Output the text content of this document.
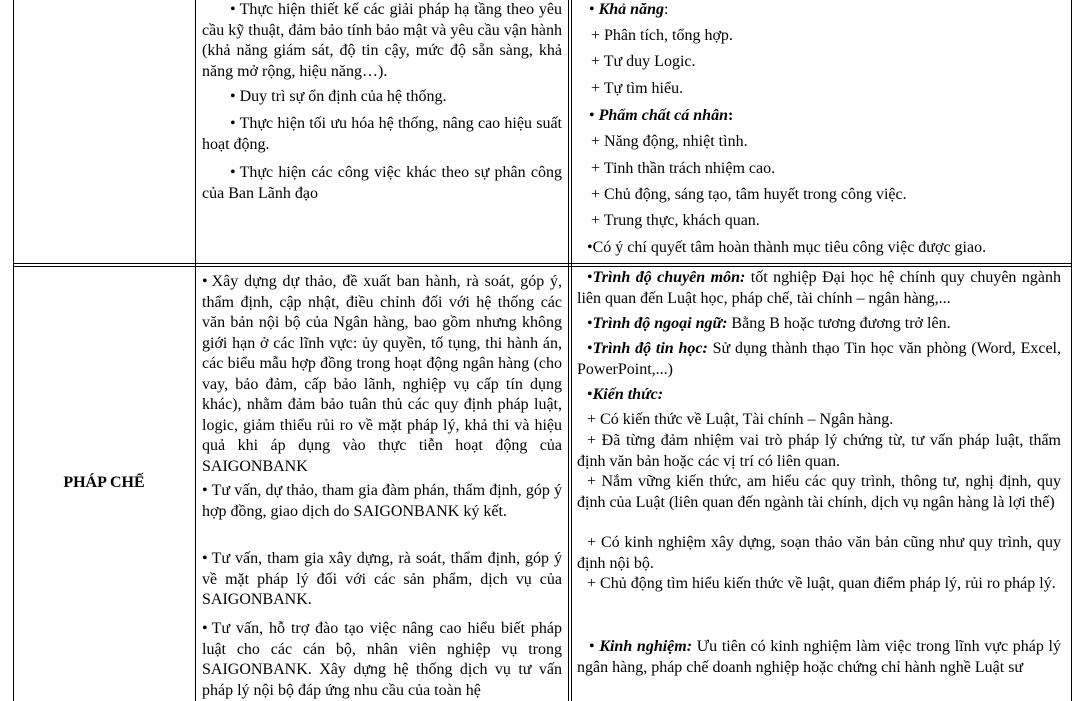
• Thực hiện thiết kế các giải pháp hạ tầng theo yêu cầu kỹ thuật, đảm bảo tính bảo mật và yêu cầu vận hành (khả năng giám sát, độ tin cậy, mức độ sẵn sàng, khả năng mở rộng, hiệu năng…).
• Duy trì sự ổn định của hệ thống.
• Thực hiện tối ưu hóa hệ thống, nâng cao hiệu suất hoạt động.
• Thực hiện các công việc khác theo sự phân công của Ban Lãnh đạo
• Khả năng:
+ Phân tích, tổng hợp.
+ Tư duy Logic.
+ Tự tìm hiểu.
• Phẩm chất cá nhân:
+ Năng động, nhiệt tình.
+ Tinh thần trách nhiệm cao.
+ Chủ động, sáng tạo, tâm huyết trong công việc.
+ Trung thực, khách quan.
•Có ý chí quyết tâm hoàn thành mục tiêu công việc được giao.
PHÁP CHẾ
• Xây dựng dự thảo, đề xuất ban hành, rà soát, góp ý, thẩm định, cập nhật, điều chỉnh đối với hệ thống các văn bản nội bộ của Ngân hàng, bao gồm nhưng không giới hạn ở các lĩnh vực: ủy quyền, tố tụng, thi hành án, các biểu mẫu hợp đồng trong hoạt động ngân hàng (cho vay, bảo đảm, cấp bảo lãnh, nghiệp vụ cấp tín dụng khác), nhằm đảm bảo tuân thủ các quy định pháp luật, logic, giảm thiểu rủi ro về mặt pháp lý, khả thi và hiệu quả khi áp dụng vào thực tiễn hoạt động của SAIGONBANK
• Tư vấn, dự thảo, tham gia đàm phán, thẩm định, góp ý hợp đồng, giao dịch do SAIGONBANK ký kết.
• Tư vấn, tham gia xây dựng, rà soát, thẩm định, góp ý về mặt pháp lý đối với các sản phẩm, dịch vụ của SAIGONBANK.
• Tư vấn, hỗ trợ đào tạo việc nâng cao hiểu biết pháp luật cho các cán bộ, nhân viên nghiệp vụ trong SAIGONBANK. Xây dựng hệ thống dịch vụ tư vấn pháp lý nội bộ đáp ứng nhu cầu của toàn hệ
•Trình độ chuyên môn: tốt nghiệp Đại học hệ chính quy chuyên ngành liên quan đến Luật học, pháp chế, tài chính – ngân hàng,...
•Trình độ ngoại ngữ: Bằng B hoặc tương đương trở lên.
•Trình độ tin học: Sử dụng thành thạo Tin học văn phòng (Word, Excel, PowerPoint,...)
•Kiến thức:
+ Có kiến thức về Luật, Tài chính – Ngân hàng.
+ Đã từng đảm nhiệm vai trò pháp lý chứng từ, tư vấn pháp luật, thẩm định văn bản hoặc các vị trí có liên quan.
+ Nắm vững kiến thức, am hiểu các quy trình, thông tư, nghị định, quy định của Luật (liên quan đến ngành tài chính, dịch vụ ngân hàng là lợi thế)
+ Có kinh nghiệm xây dựng, soạn thảo văn bản cũng như quy trình, quy định nội bộ.
+ Chủ động tìm hiểu kiến thức về luật, quan điểm pháp lý, rủi ro pháp lý.
• Kinh nghiệm: Ưu tiên có kinh nghiệm làm việc trong lĩnh vực pháp lý ngân hàng, pháp chế doanh nghiệp hoặc chứng chỉ hành nghề Luật sư
